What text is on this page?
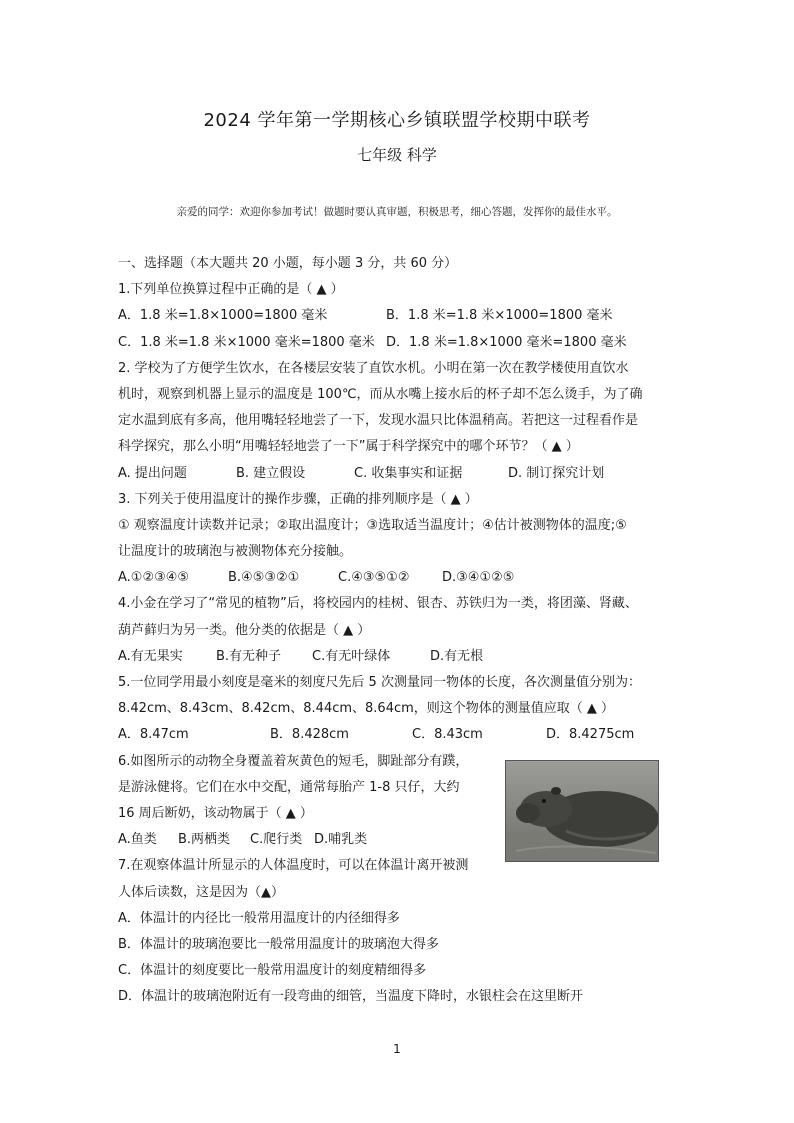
2024 学年第一学期核心乡镇联盟学校期中联考
七年级 科学
亲爱的同学：欢迎你参加考试！做题时要认真审题，积极思考，细心答题，发挥你的最佳水平。
一、选择题（本大题共 20 小题，每小题 3 分，共 60 分）
1.下列单位换算过程中正确的是（ ▲ ）
A．1.8 米=1.8×1000=1800 毫米	B．1.8 米=1.8 米×1000=1800 毫米
C．1.8 米=1.8 米×1000 毫米=1800 毫米 D．1.8 米=1.8×1000 毫米=1800 毫米
2. 学校为了方便学生饮水，在各楼层安装了直饮水机。小明在第一次在教学楼使用直饮水
机时，观察到机器上显示的温度是 100℃，而从水嘴上接水后的杯子却不怎么烫手，为了确
定水温到底有多高，他用嘴轻轻地尝了一下，发现水温只比体温稍高。若把这一过程看作是
科学探究，那么小明“用嘴轻轻地尝了一下”属于科学探究中的哪个环节？（ ▲ ）
A. 提出问题	B. 建立假设	C. 收集事实和证据	D. 制订探究计划
3. 下列关于使用温度计的操作步骤，正确的排列顺序是（ ▲ ）
① 观察温度计读数并记录；②取出温度计；③选取适当温度计；④估计被测物体的温度;⑤
让温度计的玻璃泡与被测物体充分接触。
A.①②③④⑤	B.④⑤③②①	C.④③⑤①②	D.③④①②⑤
4.小金在学习了“常见的植物”后，将校园内的桂树、银杏、苏铁归为一类，将团藻、肾藏、
葫芦藓归为另一类。他分类的依据是（ ▲ ）
A.有无果实	B.有无种子	C.有无叶绿体	D.有无根
5.一位同学用最小刻度是毫米的刻度尺先后 5 次测量同一物体的长度，各次测量值分别为：
8.42cm、8.43cm、8.42cm、8.44cm、8.64cm，则这个物体的测量值应取（ ▲ ）
A．8.47cm	B．8.428cm	C．8.43cm	D．8.4275cm
6.如图所示的动物全身覆盖着灰黄色的短毛，脚趾部分有蹼，
是游泳健将。它们在水中交配，通常每胎产 1-8 只仔，大约
16 周后断奶，该动物属于（ ▲ ）
A.鱼类	B.两栖类	C.爬行类 D.哺乳类
7.在观察体温计所显示的人体温度时，可以在体温计离开被测
人体后读数，这是因为（▲）
A．体温计的内径比一般常用温度计的内径细得多
B．体温计的玻璃泡要比一般常用温度计的玻璃泡大得多
C．体温计的刻度要比一般常用温度计的刻度精细得多
D．体温计的玻璃泡附近有一段弯曲的细管，当温度下降时，水银柱会在这里断开
1
